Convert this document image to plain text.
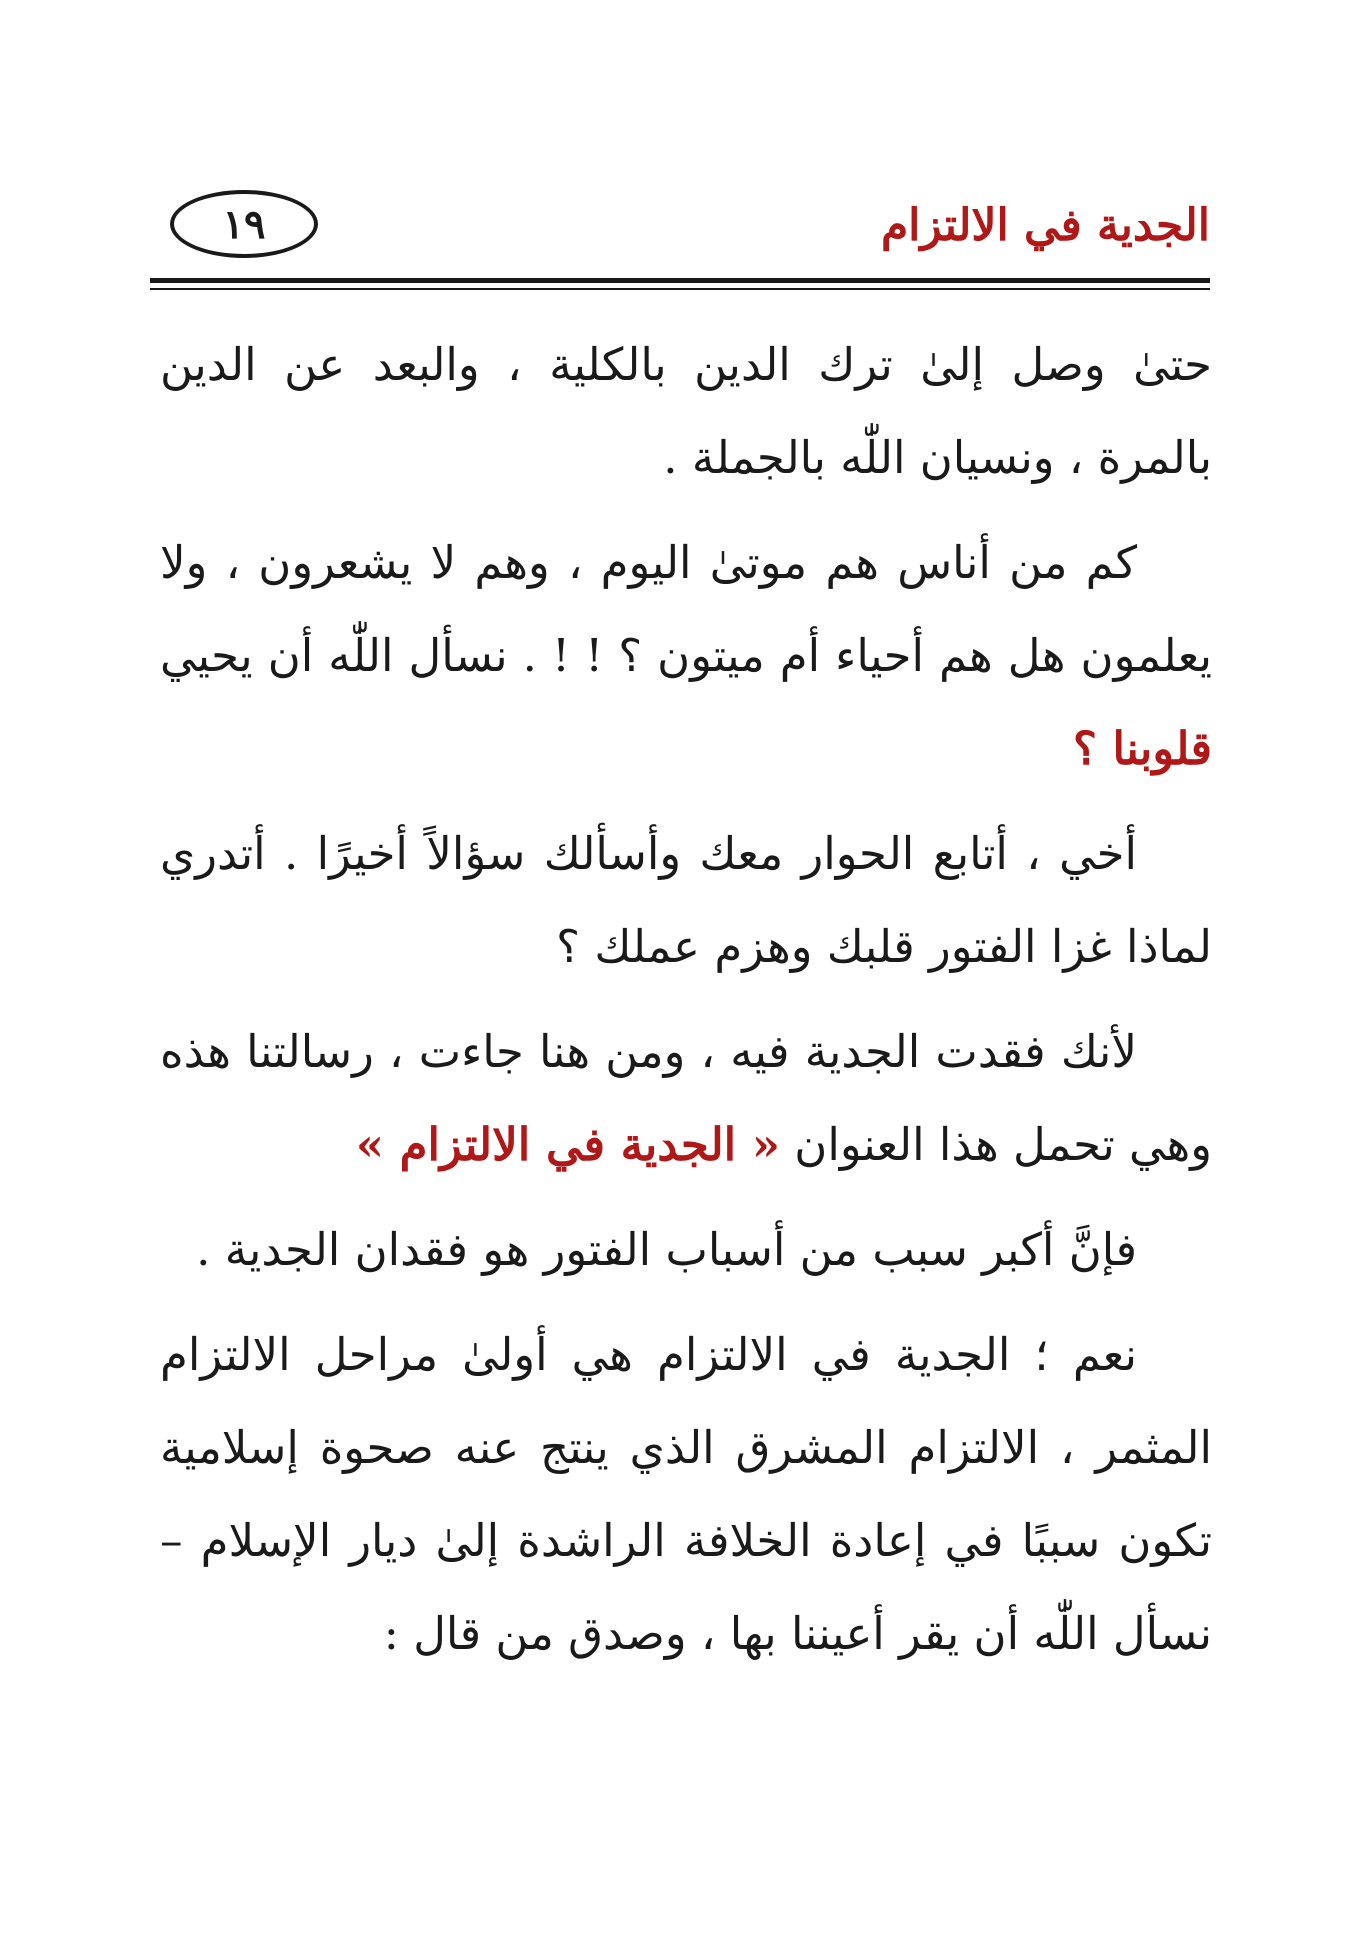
الجدية في الالتزام
١٩

حتىٰ وصل إلىٰ ترك الدين بالكلية ، والبعد عن الدين بالمرة ، ونسيان اللّٰه بالجملة .

كم من أناس هم موتىٰ اليوم ، وهم لا يشعرون ، ولا يعلمون هل هم أحياء أم ميتون ؟ ! ! . نسأل اللّٰه أن يحيي قلوبنا ؟

أخي ، أتابع الحوار معك وأسألك سؤالاً أخيرًا . أتدري لماذا غزا الفتور قلبك وهزم عملك ؟

لأنك فقدت الجدية فيه ، ومن هنا جاءت ، رسالتنا هذه وهي تحمل هذا العنوان « الجدية في الالتزام »

فإنَّ أكبر سبب من أسباب الفتور هو فقدان الجدية .

نعم ؛ الجدية في الالتزام هي أولىٰ مراحل الالتزام المثمر ، الالتزام المشرق الذي ينتج عنه صحوة إسلامية تكون سببًا في إعادة الخلافة الراشدة إلىٰ ديار الإسلام – نسأل اللّٰه أن يقر أعيننا بها ، وصدق من قال :
